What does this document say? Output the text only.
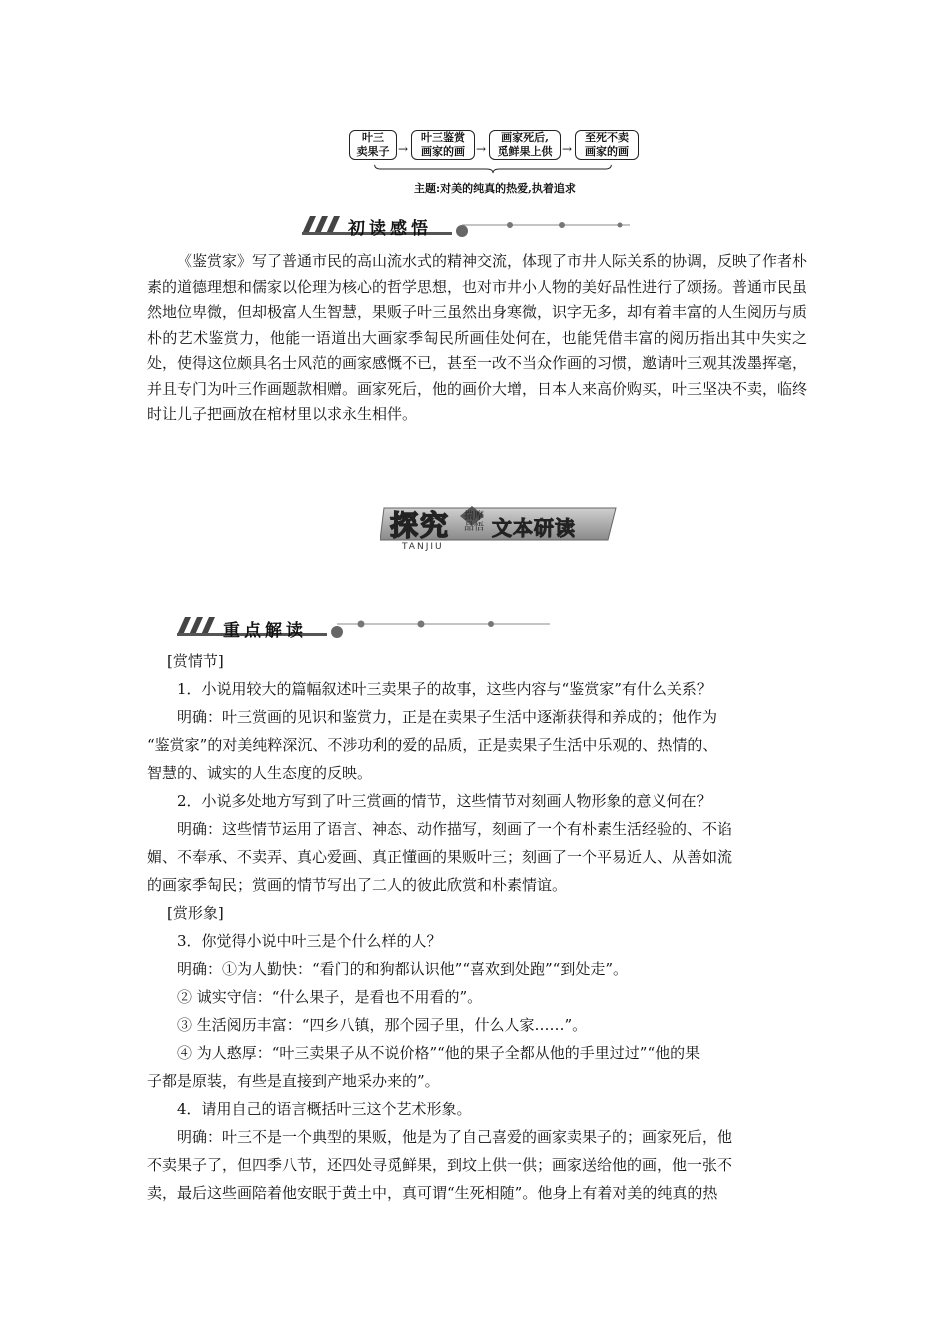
叶三
卖果子 →
叶三鉴赏
画家的画 →
画家死后,
觅鲜果上供 →
至死不卖
画家的画
主题:对美的纯真的热爱,执着追求
初读感悟
《鉴赏家》写了普通市民的高山流水式的精神交流，体现了市井人际关系的协调，反映了作者朴素的道德理想和儒家以伦理为核心的哲学思想，也对市井小人物的美好品性进行了颂扬。普通市民虽然地位卑微，但却极富人生智慧，果贩子叶三虽然出身寒微，识字无多，却有着丰富的人生阅历与质朴的艺术鉴赏力，他能一语道出大画家季匋民所画佳处何在，也能凭借丰富的阅历指出其中失实之处，使得这位颇具名士风范的画家感慨不已，甚至一改不当众作画的习惯，邀请叶三观其泼墨挥毫，并且专门为叶三作画题款相赠。画家死后，他的画价大增，日本人来高价购买，叶三坚决不卖，临终时让儿子把画放在棺材里以求永生相伴。
探究 揣摩
品悟 文本研读
TANJIU
重点解读
[赏情节]
1．小说用较大的篇幅叙述叶三卖果子的故事，这些内容与“鉴赏家”有什么关系？
明确：叶三赏画的见识和鉴赏力，正是在卖果子生活中逐渐获得和养成的；他作为
“鉴赏家”的对美纯粹深沉、不涉功利的爱的品质，正是卖果子生活中乐观的、热情的、
智慧的、诚实的人生态度的反映。
2．小说多处地方写到了叶三赏画的情节，这些情节对刻画人物形象的意义何在？
明确：这些情节运用了语言、神态、动作描写，刻画了一个有朴素生活经验的、不谄
媚、不奉承、不卖弄、真心爱画、真正懂画的果贩叶三；刻画了一个平易近人、从善如流
的画家季匋民；赏画的情节写出了二人的彼此欣赏和朴素情谊。
[赏形象]
3．你觉得小说中叶三是个什么样的人？
明确：①为人勤快：“看门的和狗都认识他”“喜欢到处跑”“到处走”。
② 诚实守信：“什么果子，是看也不用看的”。
③ 生活阅历丰富：“四乡八镇，那个园子里，什么人家……”。
④ 为人憨厚：“叶三卖果子从不说价格”“他的果子全都从他的手里过过”“他的果
子都是原装，有些是直接到产地采办来的”。
4．请用自己的语言概括叶三这个艺术形象。
明确：叶三不是一个典型的果贩，他是为了自己喜爱的画家卖果子的；画家死后，他
不卖果子了，但四季八节，还四处寻觅鲜果，到坟上供一供；画家送给他的画，他一张不
卖，最后这些画陪着他安眠于黄土中，真可谓“生死相随”。他身上有着对美的纯真的热
